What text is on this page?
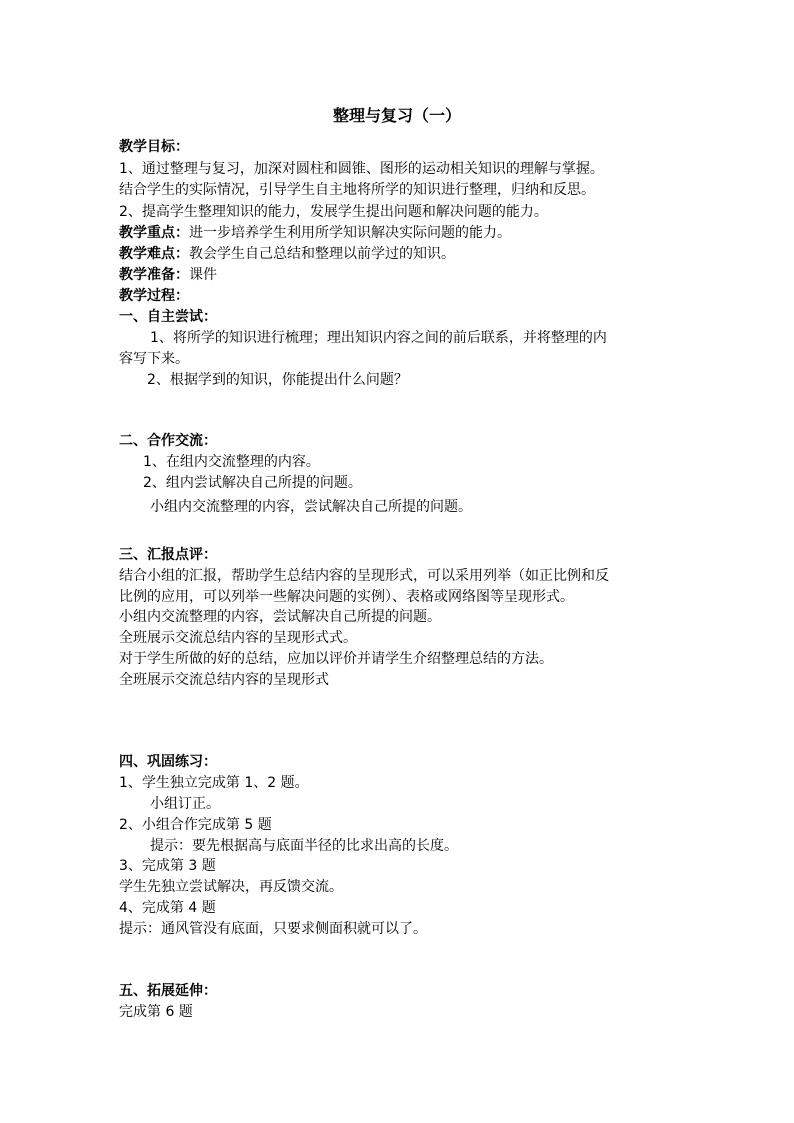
整理与复习（一）
教学目标：
1、通过整理与复习，加深对圆柱和圆锥、图形的运动相关知识的理解与掌握。
结合学生的实际情况，引导学生自主地将所学的知识进行整理，归纳和反思。
2、提高学生整理知识的能力，发展学生提出问题和解决问题的能力。
教学重点：进一步培养学生利用所学知识解决实际问题的能力。
教学难点：教会学生自己总结和整理以前学过的知识。
教学准备：课件
教学过程：
一、自主尝试：
1、将所学的知识进行梳理；理出知识内容之间的前后联系，并将整理的内
容写下来。
2、根据学到的知识，你能提出什么问题？
二、合作交流：
1、在组内交流整理的内容。
2、组内尝试解决自己所提的问题。
小组内交流整理的内容，尝试解决自己所提的问题。
三、汇报点评：
结合小组的汇报，帮助学生总结内容的呈现形式，可以采用列举（如正比例和反
比例的应用，可以列举一些解决问题的实例）、表格或网络图等呈现形式。
小组内交流整理的内容，尝试解决自己所提的问题。
全班展示交流总结内容的呈现形式式。
对于学生所做的好的总结，应加以评价并请学生介绍整理总结的方法。
全班展示交流总结内容的呈现形式
四、巩固练习：
1、学生独立完成第 1、2 题。
小组订正。
2、小组合作完成第 5 题
提示：要先根据高与底面半径的比求出高的长度。
3、完成第 3 题
学生先独立尝试解决，再反馈交流。
4、完成第 4 题
提示：通风管没有底面，只要求侧面积就可以了。
五、拓展延伸：
完成第 6 题
